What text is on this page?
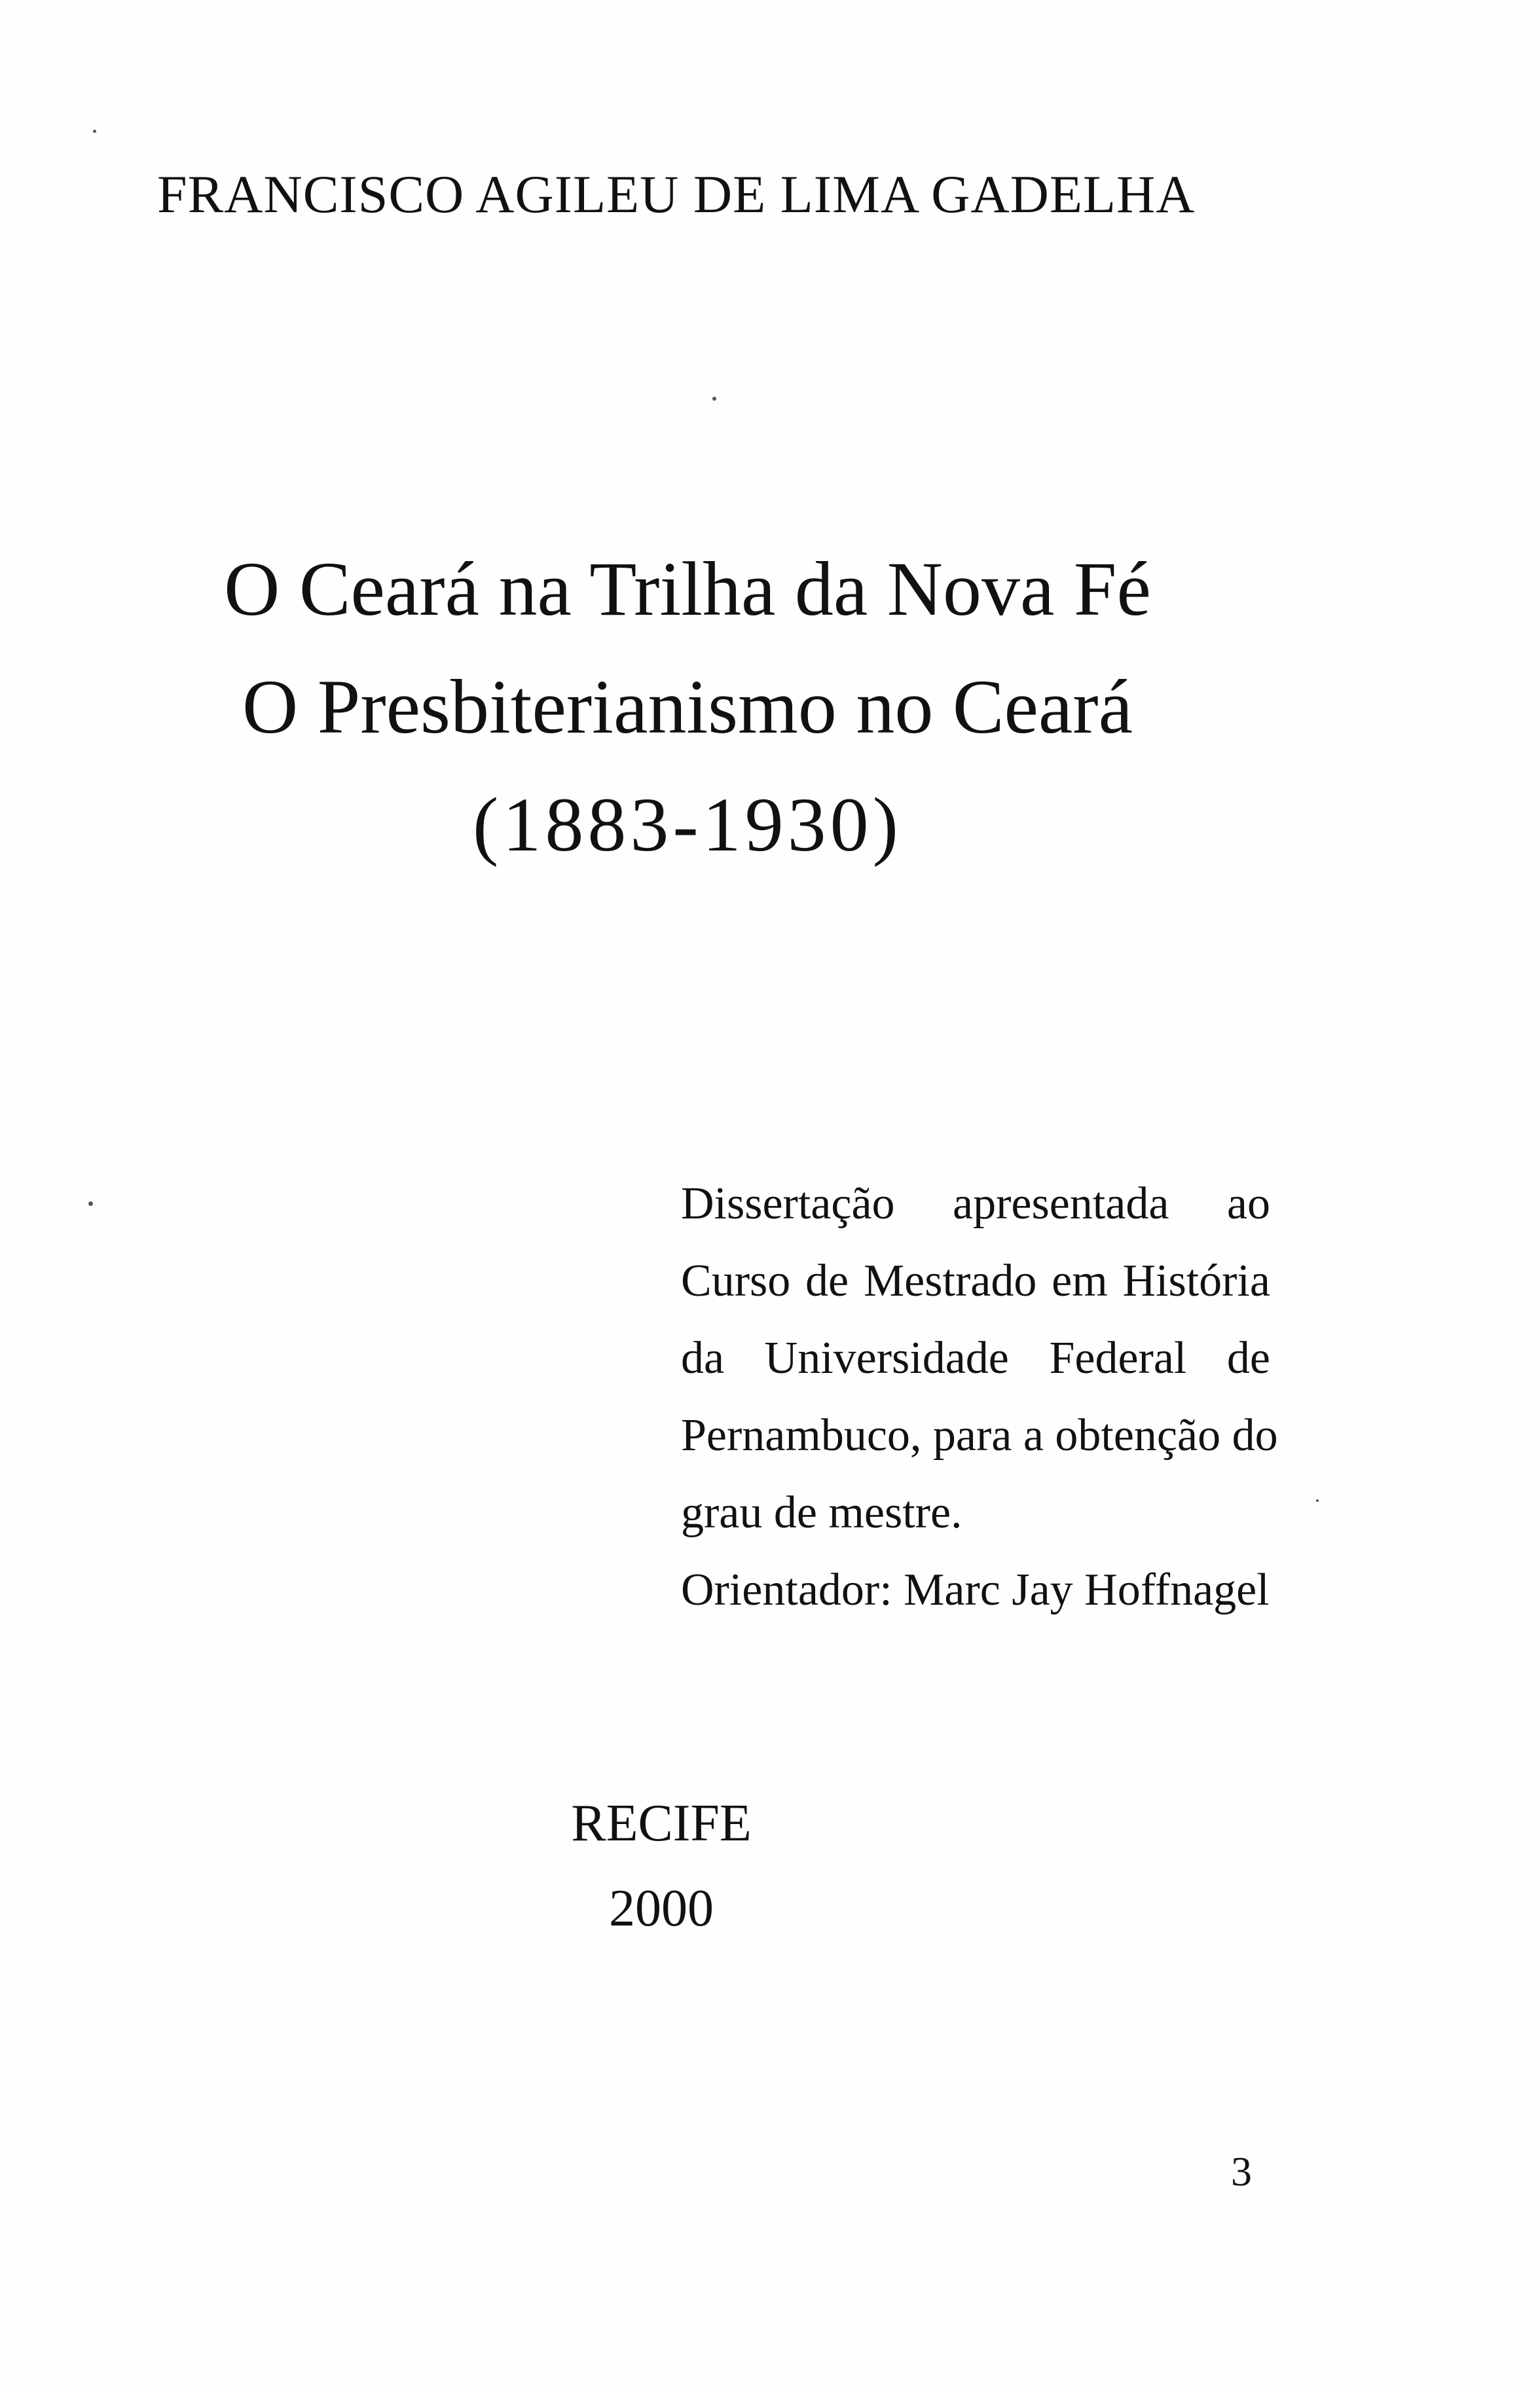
FRANCISCO AGILEU DE LIMA GADELHA
O Ceará na Trilha da Nova Fé
O Presbiterianismo no Ceará
(1883-1930)
Dissertação apresentada ao
Curso de Mestrado em História
da Universidade Federal de
Pernambuco, para a obtenção do
grau de mestre.
Orientador: Marc Jay Hoffnagel
RECIFE
2000
3
